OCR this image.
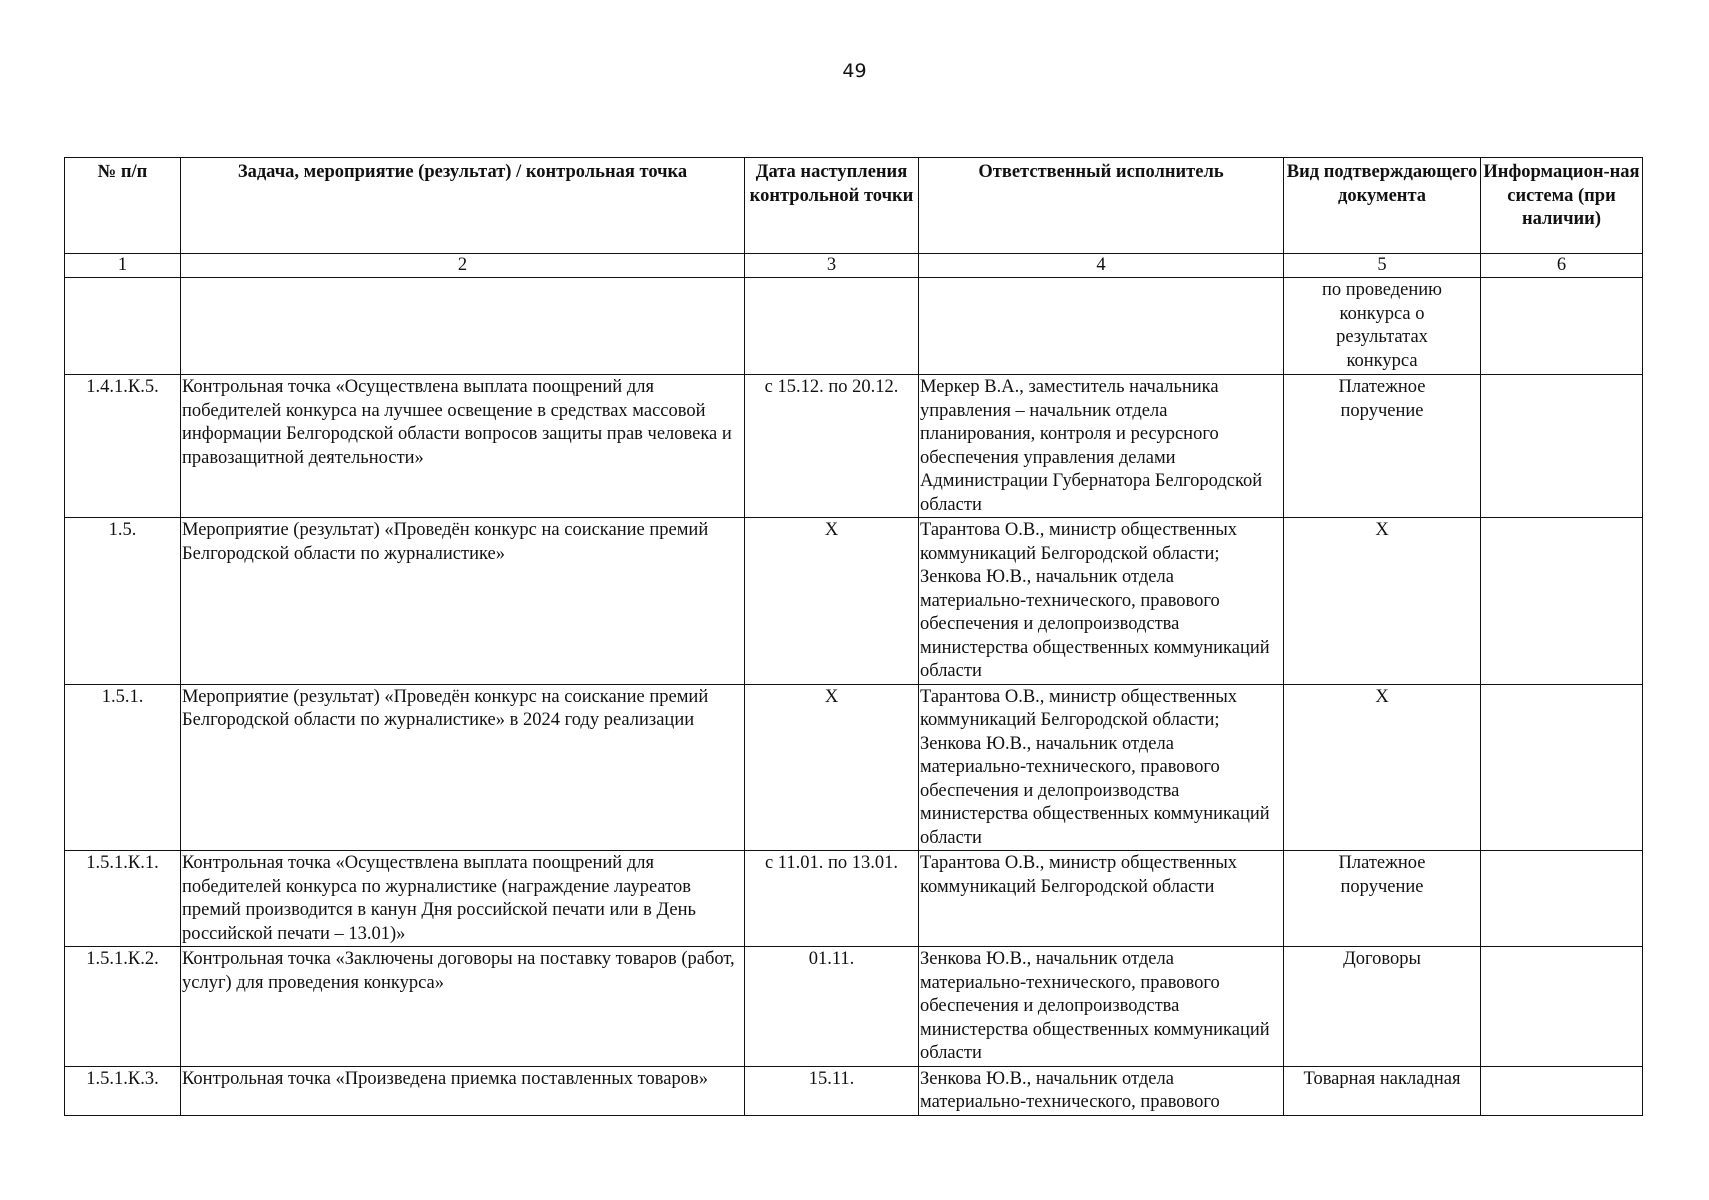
49
№ п/п	Задача, мероприятие (результат) / контрольная точка	Дата наступления контрольной точки	Ответственный исполнитель	Вид подтверждающего документа	Информацион-ная система (при наличии)
1	2	3	4	5	6

				по проведению конкурса о результатах конкурса	

1.4.1.К.5.	Контрольная точка «Осуществлена выплата поощрений для победителей конкурса на лучшее освещение в средствах массовой информации Белгородской области вопросов защиты прав человека и правозащитной деятельности»	с 15.12. по 20.12.	Меркер В.А., заместитель начальника управления – начальник отдела планирования, контроля и ресурсного обеспечения управления делами Администрации Губернатора Белгородской области	Платежное поручение	

1.5.	Мероприятие (результат) «Проведён конкурс на соискание премий Белгородской области по журналистике»	Х	Тарантова О.В., министр общественных коммуникаций Белгородской области; Зенкова Ю.В., начальник отдела материально-технического, правового обеспечения и делопроизводства министерства общественных коммуникаций области	Х	
1.5.1.	Мероприятие (результат) «Проведён конкурс на соискание премий Белгородской области по журналистике» в 2024 году реализации	Х	Тарантова О.В., министр общественных коммуникаций Белгородской области; Зенкова Ю.В., начальник отдела материально-технического, правового обеспечения и делопроизводства министерства общественных коммуникаций области	Х	
1.5.1.К.1.	Контрольная точка «Осуществлена выплата поощрений для победителей конкурса по журналистике (награждение лауреатов премий производится в канун Дня российской печати или в День российской печати – 13.01)»	с 11.01. по 13.01.	Тарантова О.В., министр общественных коммуникаций Белгородской области	Платежное поручение	

1.5.1.К.2.	Контрольная точка «Заключены договоры на поставку товаров (работ, услуг) для проведения конкурса»	01.11.	Зенкова Ю.В., начальник отдела материально-технического, правового обеспечения и делопроизводства министерства общественных коммуникаций области	Договоры	
1.5.1.К.3.	Контрольная точка «Произведена приемка поставленных товаров»	15.11.	Зенкова Ю.В., начальник отдела материально-технического, правового	Товарная накладная	
